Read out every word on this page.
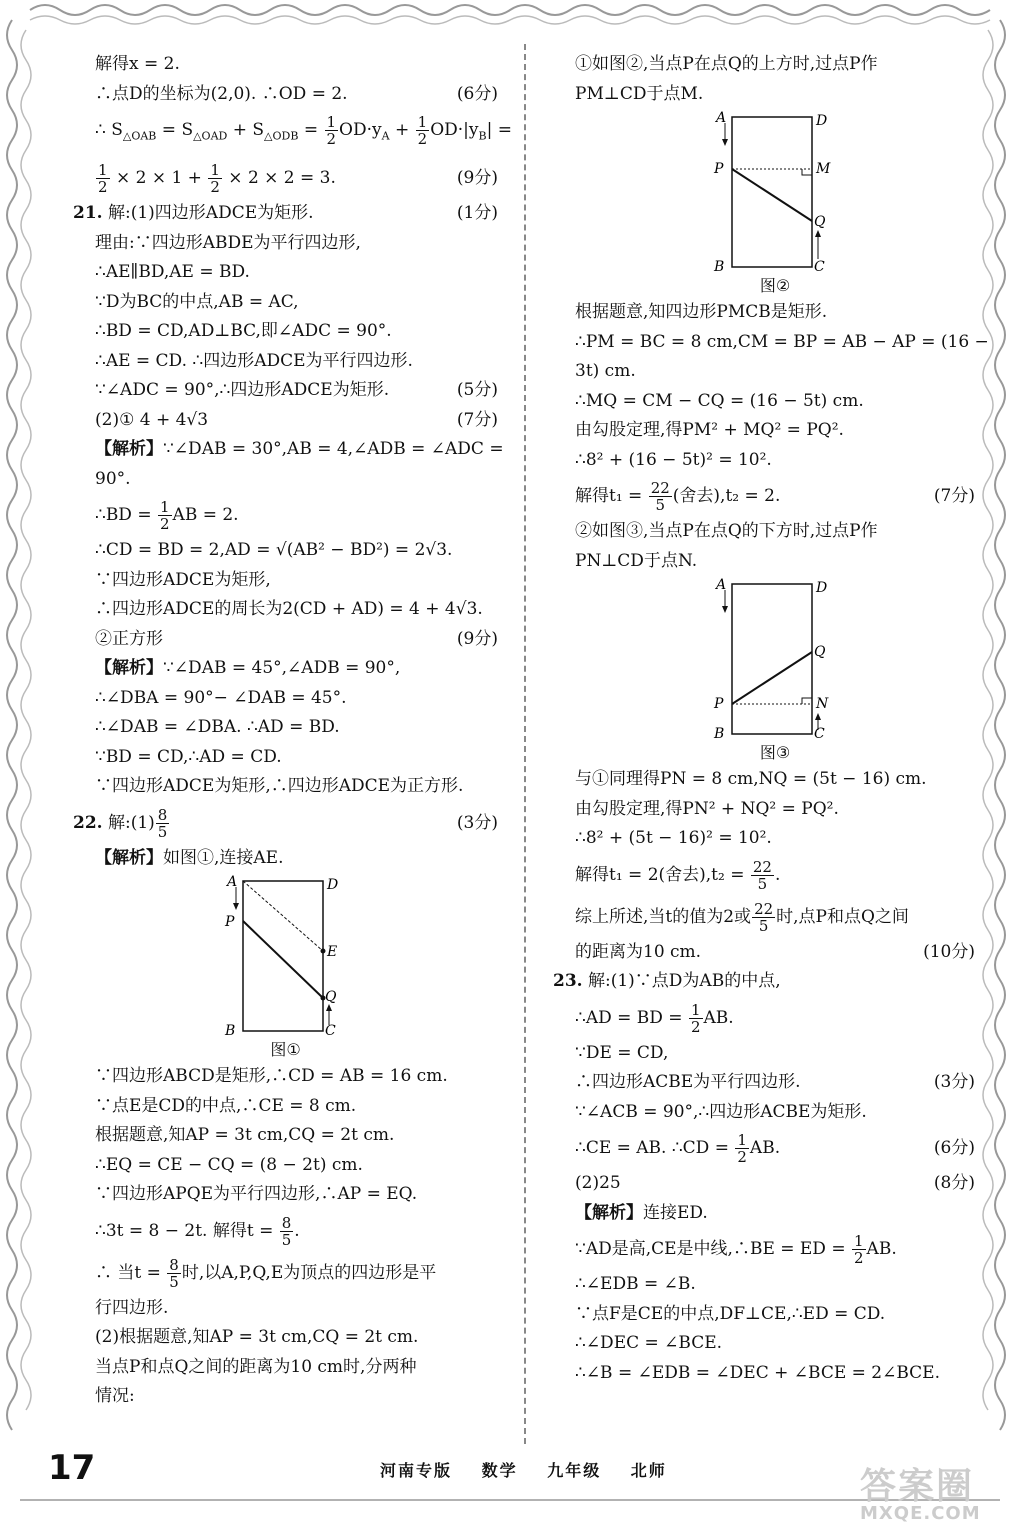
解得x = 2.
∴点D的坐标为(2,0). ∴OD = 2.	(6分)
∴ $S_{\triangle OAB} = S_{\triangle OAD} + S_{\triangle ODB} = \frac{1}{2} OD\cdot y_A + \frac{1}{2} OD\cdot|y_B|$ =
$\frac{1}{2} \times 2 \times 1 + \frac{1}{2} \times 2 \times 2 = 3$.	(9分)
21. 解:(1)四边形ADCE为矩形.	(1分)
理由:∵四边形ABDE为平行四边形,
∴AE∥BD,AE = BD.
∵D为BC的中点,AB = AC,
∴BD = CD,AD⊥BC,即∠ADC = 90°.
∴AE = CD. ∴四边形ADCE为平行四边形.
∵∠ADC = 90°,∴四边形ADCE为矩形.	(5分)
(2)① 4 + 4√3	(7分)
【解析】∵∠DAB = 30°,AB = 4,∠ADB = ∠ADC =
90°.
∴BD = $\frac{1}{2}$ AB = 2.
∴CD = BD = 2,AD = √(AB² − BD²) = 2√3.
∵四边形ADCE为矩形,
∴四边形ADCE的周长为2(CD + AD) = 4 + 4√3.
②正方形	(9分)
【解析】∵∠DAB = 45°,∠ADB = 90°,
∴∠DBA = 90°− ∠DAB = 45°.
∴∠DAB = ∠DBA. ∴AD = BD.
∵BD = CD,∴AD = CD.
∵四边形ADCE为矩形,∴四边形ADCE为正方形.
22. 解:(1) $\frac{8}{5}$	(3分)
【解析】如图①,连接AE.
A	D
P
E
Q
B	C
图①
∵四边形ABCD是矩形,∴CD = AB = 16 cm.
∵点E是CD的中点,∴CE = 8 cm.
根据题意,知AP = 3t cm,CQ = 2t cm.
∴EQ = CE − CQ = (8 − 2t) cm.
∵四边形APQE为平行四边形,∴AP = EQ.
∴3t = 8 − 2t. 解得$t = \frac{8}{5}$ .
∴ 当$t = \frac{8}{5}$ 时,以A,P,Q,E为顶点的四边形是平
行四边形.
(2)根据题意,知AP = 3t cm,CQ = 2t cm.
当点P和点Q之间的距离为10 cm时,分两种
情况:
①如图②,当点P在点Q的上方时,过点P作
PM⊥CD于点M.
A	D
P	M
Q
B	C
图②
根据题意,知四边形PMCB是矩形.
∴PM = BC = 8 cm,CM = BP = AB − AP = (16 −
3t) cm.
∴MQ = CM − CQ = (16 − 5t) cm.
由勾股定理,得PM² + MQ² = PQ².
∴8² + (16 − 5t)² = 10².
解得$t_1 = \frac{22}{5}$ (舍去),t₂ = 2.	(7分)
②如图③,当点P在点Q的下方时,过点P作
PN⊥CD于点N.
A	D
Q
P	N
B	C
图③
与①同理得PN = 8 cm,NQ = (5t − 16) cm.
由勾股定理,得PN² + NQ² = PQ².
∴8² + (5t − 16)² = 10².
解得t₁ = 2(舍去)$,t_2 = \frac{22}{5}$ .
综上所述,当t的值为2或 $\frac{22}{5}$ 时,点P和点Q之间
的距离为10 cm.	(10分)
23. 解:(1)∵点D为AB的中点,
∴AD = BD = $\frac{1}{2}$ AB.
∵DE = CD,
∴四边形ACBE为平行四边形.	(3分)
∵∠ACB = 90°,∴四边形ACBE为矩形.
∴CE = AB. ∴CD = $\frac{1}{2}$ AB.	(6分)
(2)25	(8分)
【解析】连接ED.
∵AD是高,CE是中线,∴BE = ED = $\frac{1}{2}$ AB.
∴∠EDB = ∠B.
∵点F是CE的中点,DF⊥CE,∴ED = CD.
∴∠DEC = ∠BCE.
∴∠B = ∠EDB = ∠DEC + ∠BCE = 2∠BCE.
17	河南专版 数学 九年级 北师	答案圈
MXQE.COM
